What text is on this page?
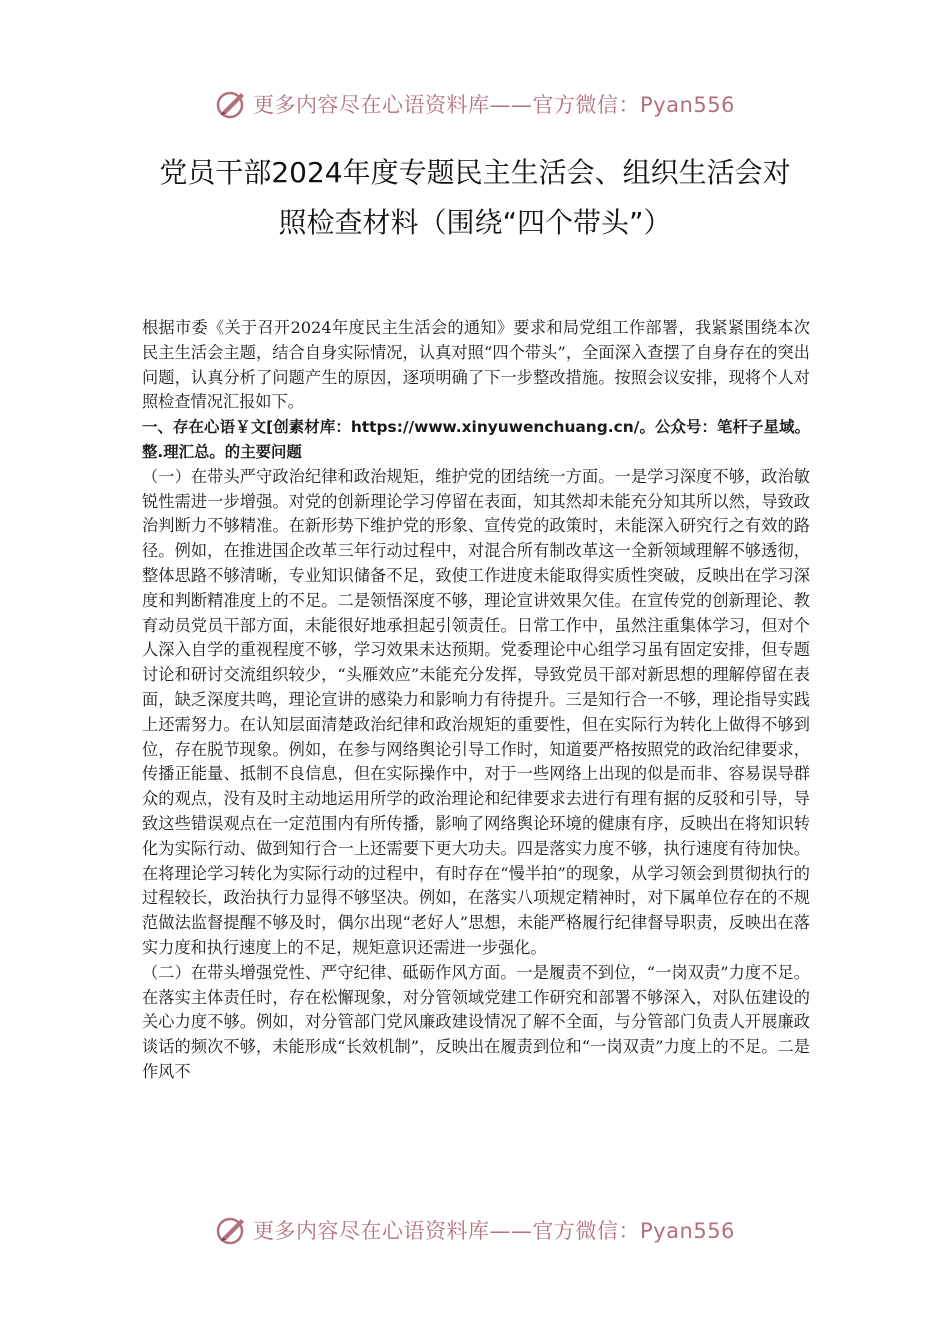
更多内容尽在心语资料库——官方微信：Pyan556
党员干部2024年度专题民主生活会、组织生活会对
照检查材料（围绕“四个带头”）

根据市委《关于召开2024年度民主生活会的通知》要求和局党组工作部署，我紧紧围绕本次民主生活会主题，结合自身实际情况，认真对照“四个带头”，全面深入查摆了自身存在的突出问题，认真分析了问题产生的原因，逐项明确了下一步整改措施。按照会议安排，现将个人对照检查情况汇报如下。

一、存在心语￥文[创素材库：https://www.xinyuwenchuang.cn/。公众号：笔杆子星域。整.理汇总。的主要问题

（一）在带头严守政治纪律和政治规矩，维护党的团结统一方面。一是学习深度不够，政治敏锐性需进一步增强。对党的创新理论学习停留在表面，知其然却未能充分知其所以然，导致政治判断力不够精准。在新形势下维护党的形象、宣传党的政策时，未能深入研究行之有效的路径。例如，在推进国企改革三年行动过程中，对混合所有制改革这一全新领域理解不够透彻，整体思路不够清晰，专业知识储备不足，致使工作进度未能取得实质性突破，反映出在学习深度和判断精准度上的不足。二是领悟深度不够，理论宣讲效果欠佳。在宣传党的创新理论、教育动员党员干部方面，未能很好地承担起引领责任。日常工作中，虽然注重集体学习，但对个人深入自学的重视程度不够，学习效果未达预期。党委理论中心组学习虽有固定安排，但专题讨论和研讨交流组织较少，“头雁效应”未能充分发挥，导致党员干部对新思想的理解停留在表面，缺乏深度共鸣，理论宣讲的感染力和影响力有待提升。三是知行合一不够，理论指导实践上还需努力。在认知层面清楚政治纪律和政治规矩的重要性，但在实际行为转化上做得不够到位，存在脱节现象。例如，在参与网络舆论引导工作时，知道要严格按照党的政治纪律要求，传播正能量、抵制不良信息，但在实际操作中，对于一些网络上出现的似是而非、容易误导群众的观点，没有及时主动地运用所学的政治理论和纪律要求去进行有理有据的反驳和引导，导致这些错误观点在一定范围内有所传播，影响了网络舆论环境的健康有序，反映出在将知识转化为实际行动、做到知行合一上还需要下更大功夫。四是落实力度不够，执行速度有待加快。在将理论学习转化为实际行动的过程中，有时存在“慢半拍”的现象，从学习领会到贯彻执行的过程较长，政治执行力显得不够坚决。例如，在落实八项规定精神时，对下属单位存在的不规范做法监督提醒不够及时，偶尔出现“老好人”思想，未能严格履行纪律督导职责，反映出在落实力度和执行速度上的不足，规矩意识还需进一步强化。

（二）在带头增强党性、严守纪律、砥砺作风方面。一是履责不到位，“一岗双责”力度不足。在落实主体责任时，存在松懈现象，对分管领域党建工作研究和部署不够深入，对队伍建设的关心力度不够。例如，对分管部门党风廉政建设情况了解不全面，与分管部门负责人开展廉政谈话的频次不够，未能形成“长效机制”，反映出在履责到位和“一岗双责”力度上的不足。二是作风不

更多内容尽在心语资料库——官方微信：Pyan556
